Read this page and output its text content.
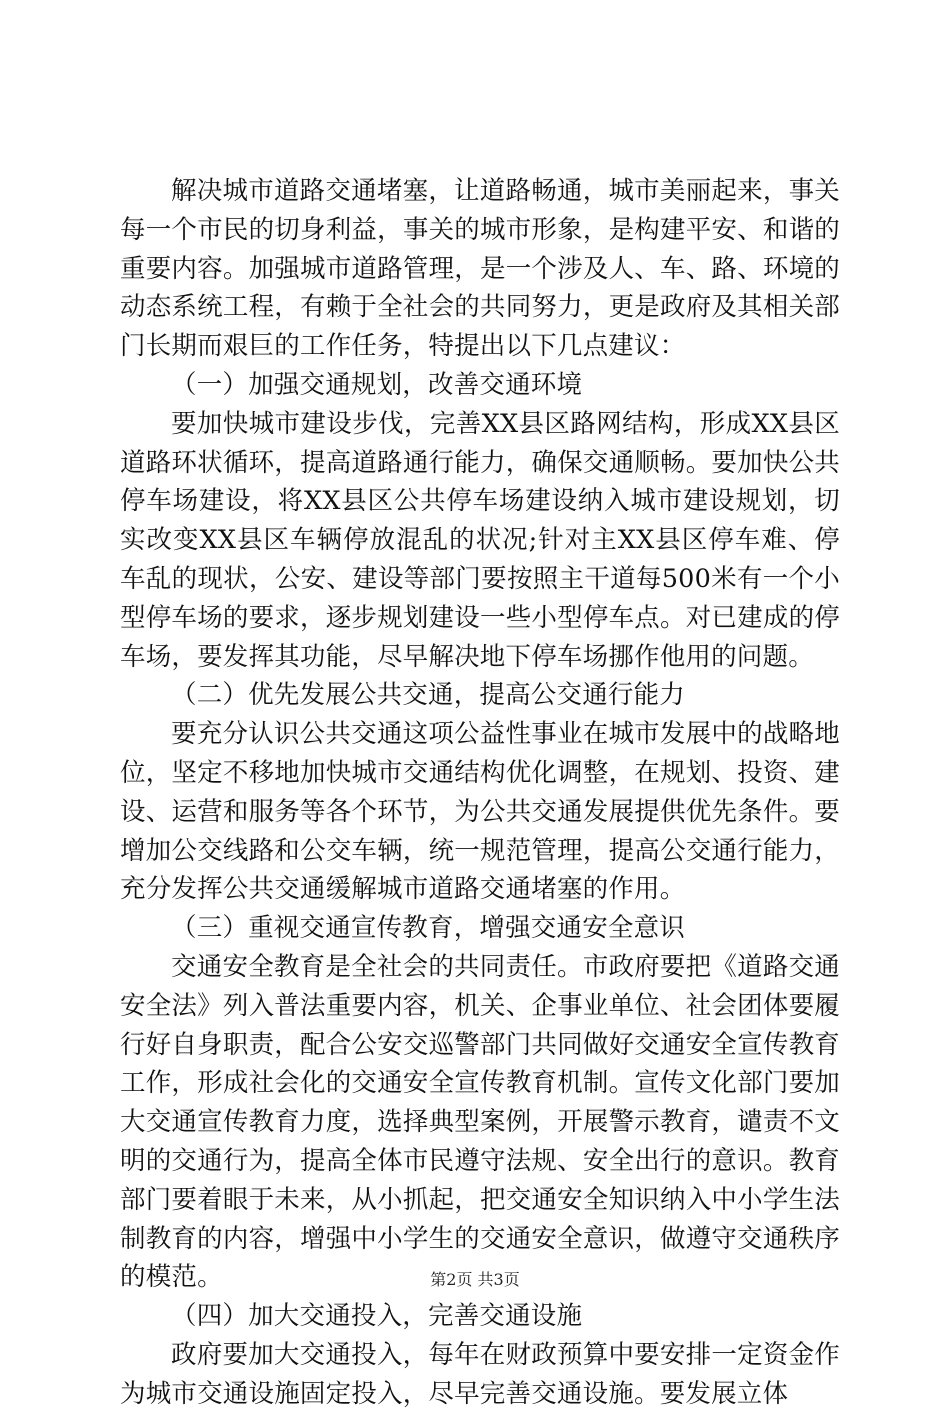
解决城市道路交通堵塞，让道路畅通，城市美丽起来，事关每一个市民的切身利益，事关的城市形象，是构建平安、和谐的重要内容。加强城市道路管理，是一个涉及人、车、路、环境的动态系统工程，有赖于全社会的共同努力，更是政府及其相关部门长期而艰巨的工作任务，特提出以下几点建议：

（一）加强交通规划，改善交通环境

要加快城市建设步伐，完善XX县区路网结构，形成XX县区道路环状循环，提高道路通行能力，确保交通顺畅。要加快公共停车场建设，将XX县区公共停车场建设纳入城市建设规划，切实改变XX县区车辆停放混乱的状况;针对主XX县区停车难、停车乱的现状，公安、建设等部门要按照主干道每500米有一个小型停车场的要求，逐步规划建设一些小型停车点。对已建成的停车场，要发挥其功能，尽早解决地下停车场挪作他用的问题。

（二）优先发展公共交通，提高公交通行能力

要充分认识公共交通这项公益性事业在城市发展中的战略地位，坚定不移地加快城市交通结构优化调整，在规划、投资、建设、运营和服务等各个环节，为公共交通发展提供优先条件。要增加公交线路和公交车辆，统一规范管理，提高公交通行能力，充分发挥公共交通缓解城市道路交通堵塞的作用。

（三）重视交通宣传教育，增强交通安全意识

交通安全教育是全社会的共同责任。市政府要把《道路交通安全法》列入普法重要内容，机关、企事业单位、社会团体要履行好自身职责，配合公安交巡警部门共同做好交通安全宣传教育工作，形成社会化的交通安全宣传教育机制。宣传文化部门要加大交通宣传教育力度，选择典型案例，开展警示教育，谴责不文明的交通行为，提高全体市民遵守法规、安全出行的意识。教育部门要着眼于未来，从小抓起，把交通安全知识纳入中小学生法制教育的内容，增强中小学生的交通安全意识，做遵守交通秩序的模范。

（四）加大交通投入，完善交通设施

政府要加大交通投入，每年在财政预算中要安排一定资金作为城市交通设施固定投入，尽早完善交通设施。要发展立体

第2页 共3页
